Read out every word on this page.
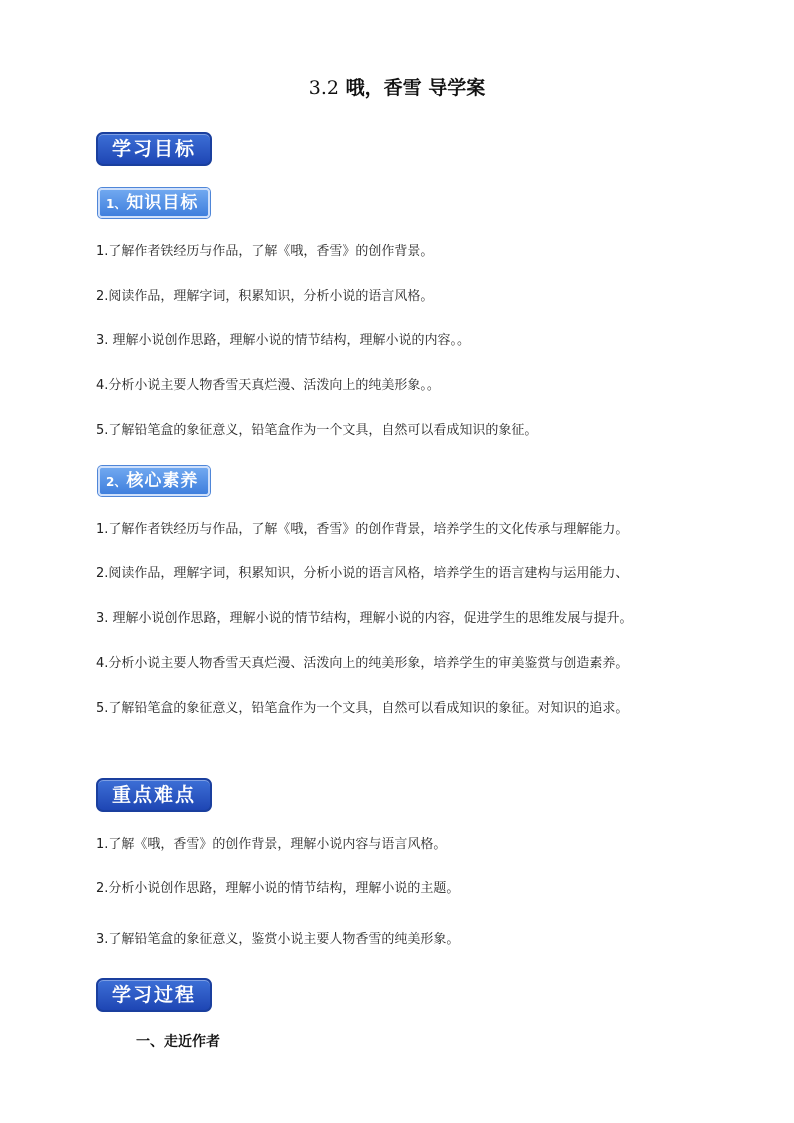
3.2 哦，香雪 导学案
学习目标
1、知识目标
1.了解作者铁经历与作品，了解《哦，香雪》的创作背景。
2.阅读作品，理解字词，积累知识，分析小说的语言风格。
3. 理解小说创作思路，理解小说的情节结构，理解小说的内容。。
4.分析小说主要人物香雪天真烂漫、活泼向上的纯美形象。。
5.了解铅笔盒的象征意义，铅笔盒作为一个文具，自然可以看成知识的象征。
2、核心素养
1.了解作者铁经历与作品，了解《哦，香雪》的创作背景，培养学生的文化传承与理解能力。
2.阅读作品，理解字词，积累知识，分析小说的语言风格，培养学生的语言建构与运用能力、
3. 理解小说创作思路，理解小说的情节结构，理解小说的内容，促进学生的思维发展与提升。
4.分析小说主要人物香雪天真烂漫、活泼向上的纯美形象，培养学生的审美鉴赏与创造素养。
5.了解铅笔盒的象征意义，铅笔盒作为一个文具，自然可以看成知识的象征。对知识的追求。
重点难点
1.了解《哦，香雪》的创作背景，理解小说内容与语言风格。
2.分析小说创作思路，理解小说的情节结构，理解小说的主题。
3.了解铅笔盒的象征意义，鉴赏小说主要人物香雪的纯美形象。
学习过程
一、走近作者
